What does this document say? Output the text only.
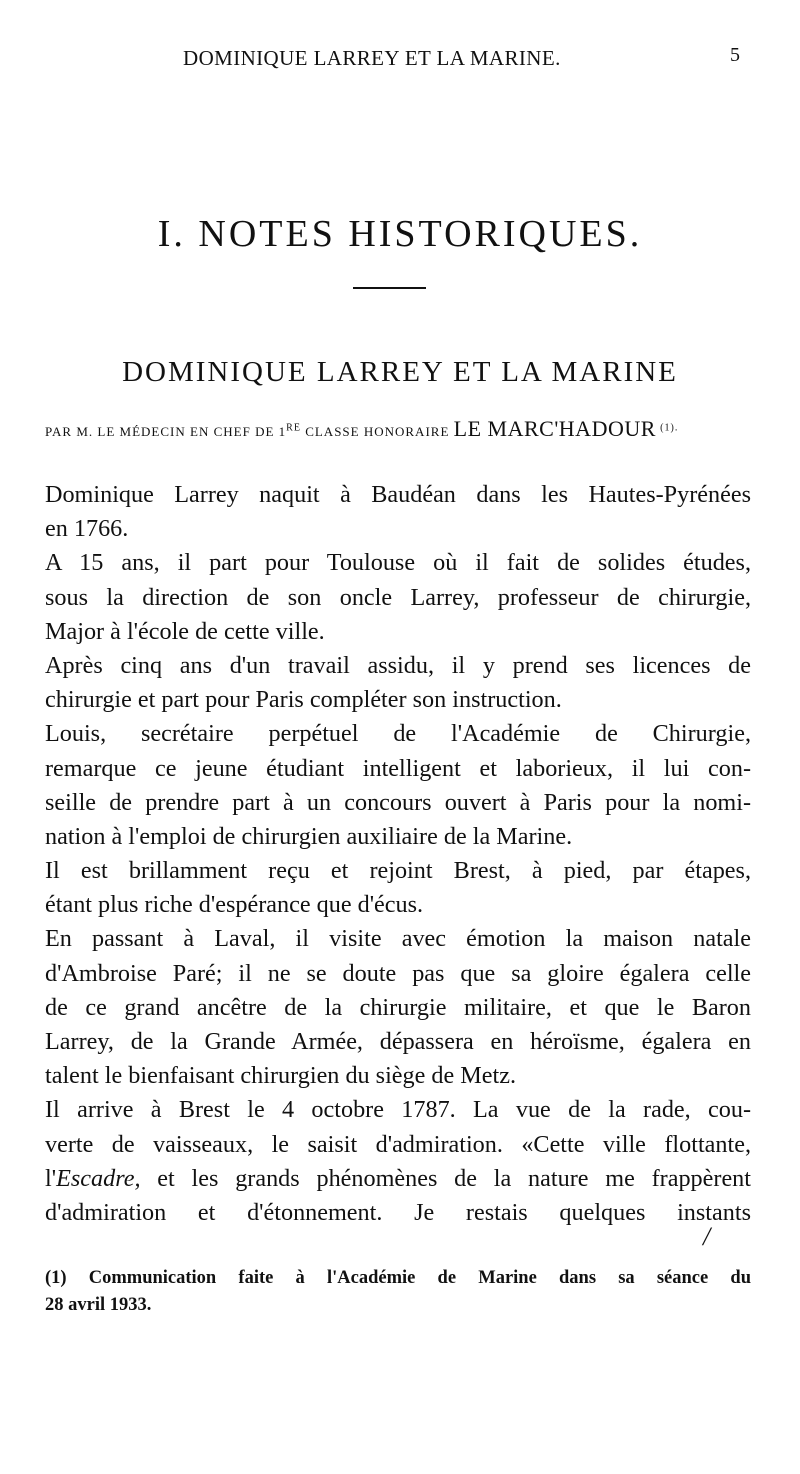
DOMINIQUE LARREY ET LA MARINE.	5
I. NOTES HISTORIQUES.
DOMINIQUE LARREY ET LA MARINE
PAR M. LE MÉDECIN EN CHEF DE 1RE CLASSE HONORAIRE LE MARC'HADOUR $^{(1).}$
Dominique Larrey naquit à Baudéan dans les Hautes-Pyrénées
en 1766.
A 15 ans, il part pour Toulouse où il fait de solides études,
sous la direction de son oncle Larrey, professeur de chirurgie,
Major à l'école de cette ville.
Après cinq ans d'un travail assidu, il y prend ses licences de
chirurgie et part pour Paris compléter son instruction.
Louis, secrétaire perpétuel de l'Académie de Chirurgie,
remarque ce jeune étudiant intelligent et laborieux, il lui con-
seille de prendre part à un concours ouvert à Paris pour la nomi-
nation à l'emploi de chirurgien auxiliaire de la Marine.
Il est brillamment reçu et rejoint Brest, à pied, par étapes,
étant plus riche d'espérance que d'écus.
En passant à Laval, il visite avec émotion la maison natale
d'Ambroise Paré; il ne se doute pas que sa gloire égalera celle
de ce grand ancêtre de la chirurgie militaire, et que le Baron
Larrey, de la Grande Armée, dépassera en héroïsme, égalera en
talent le bienfaisant chirurgien du siège de Metz.
Il arrive à Brest le 4 octobre 1787. La vue de la rade, cou-
verte de vaisseaux, le saisit d'admiration. «Cette ville flottante,
l'Escadre, et les grands phénomènes de la nature me frappèrent
d'admiration et d'étonnement. Je restais quelques instants
/
(1) Communication faite à l'Académie de Marine dans sa séance du
28 avril 1933.
